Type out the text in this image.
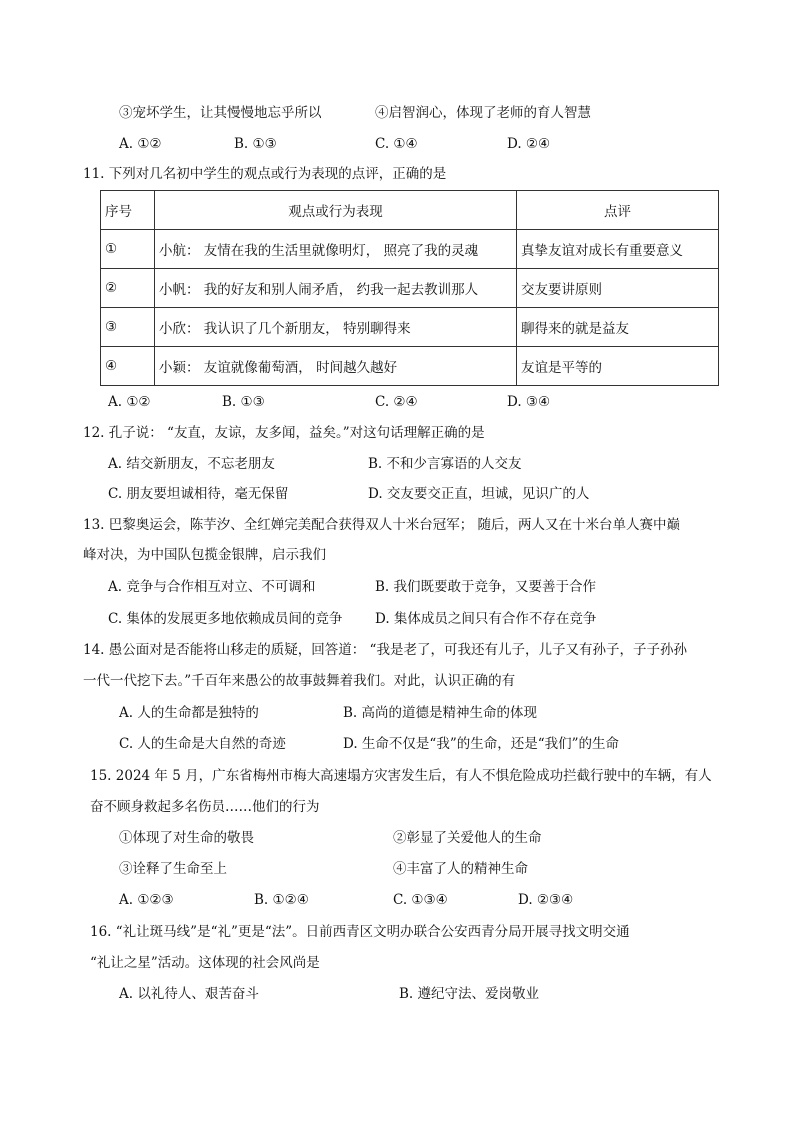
③宠坏学生，让其慢慢地忘乎所以	④启智润心，体现了老师的育人智慧
A. ①②	B. ①③	C. ①④	D. ②④
11. 下列对几名初中学生的观点或行为表现的点评，正确的是
序号	观点或行为表现	点评
①	小航： 友情在我的生活里就像明灯， 照亮了我的灵魂	真挚友谊对成长有重要意义
②	小帆： 我的好友和别人闹矛盾， 约我一起去教训那人	交友要讲原则
③	小欣： 我认识了几个新朋友， 特别聊得来	聊得来的就是益友
④	小颖： 友谊就像葡萄酒， 时间越久越好	友谊是平等的
A. ①②	B. ①③	C. ②④	D. ③④
12. 孔子说： “友直，友谅，友多闻，益矣。”对这句话理解正确的是
A. 结交新朋友，不忘老朋友	B. 不和少言寡语的人交友
C. 朋友要坦诚相待，毫无保留	D. 交友要交正直，坦诚，见识广的人
13. 巴黎奥运会，陈芋汐、全红婵完美配合获得双人十米台冠军； 随后，两人又在十米台单人赛中巅
峰对决，为中国队包揽金银牌，启示我们
A. 竞争与合作相互对立、不可调和	B. 我们既要敢于竞争，又要善于合作
C. 集体的发展更多地依赖成员间的竞争 D. 集体成员之间只有合作不存在竞争
14. 愚公面对是否能将山移走的质疑，回答道： “我是老了，可我还有儿子，儿子又有孙子，子子孙孙
一代一代挖下去。”千百年来愚公的故事鼓舞着我们。对此，认识正确的有
A. 人的生命都是独特的	B. 高尚的道德是精神生命的体现
C. 人的生命是大自然的奇迹	D. 生命不仅是“我”的生命，还是“我们”的生命
15. 2024 年 5 月，广东省梅州市梅大高速塌方灾害发生后，有人不惧危险成功拦截行驶中的车辆，有人
奋不顾身救起多名伤员……他们的行为
①体现了对生命的敬畏	②彰显了关爱他人的生命
③诠释了生命至上	④丰富了人的精神生命
A. ①②③	B. ①②④	C. ①③④	D. ②③④
16. “礼让斑马线”是“礼”更是“法”。日前西青区文明办联合公安西青分局开展寻找文明交通
“礼让之星”活动。这体现的社会风尚是
A. 以礼待人、艰苦奋斗	B. 遵纪守法、爱岗敬业
